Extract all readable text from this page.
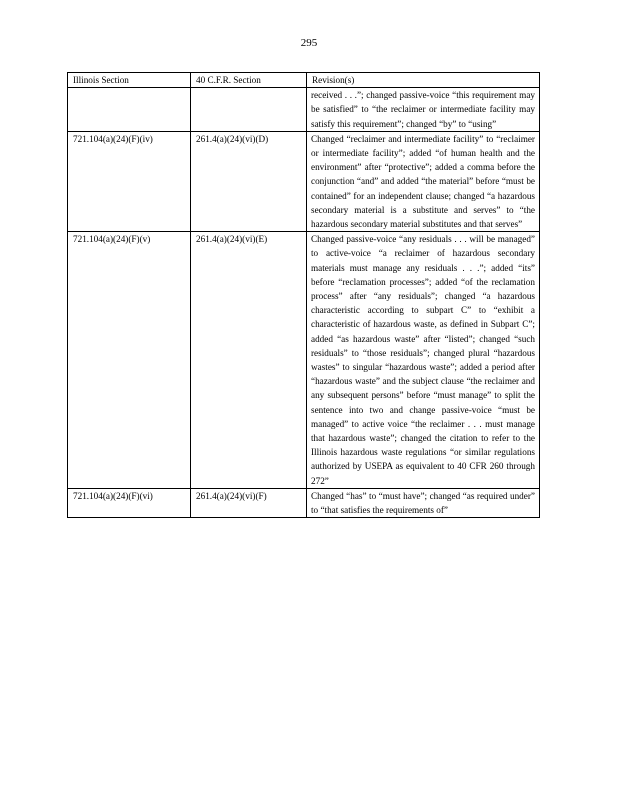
295
Illinois Section	40 C.F.R. Section	Revision(s)
		received . . .”; changed passive-voice “this requirement may be satisfied” to “the reclaimer or intermediate facility may satisfy this requirement”; changed “by” to “using”
721.104(a)(24)(F)(iv)	261.4(a)(24)(vi)(D)	Changed “reclaimer and intermediate facility” to “reclaimer or intermediate facility”; added “of human health and the environment” after “protective”; added a comma before the conjunction “and” and added “the material” before “must be contained” for an independent clause; changed “a hazardous secondary material is a substitute and serves” to “the hazardous secondary material substitutes and that serves”
721.104(a)(24)(F)(v)	261.4(a)(24)(vi)(E)	Changed passive-voice “any residuals . . . will be managed” to active-voice “a reclaimer of hazardous secondary materials must manage any residuals . . .”; added “its” before “reclamation processes”; added “of the reclamation process” after “any residuals”; changed “a hazardous characteristic according to subpart C” to “exhibit a characteristic of hazardous waste, as defined in Subpart C”; added “as hazardous waste” after “listed”; changed “such residuals” to “those residuals”; changed plural “hazardous wastes” to singular “hazardous waste”; added a period after “hazardous waste” and the subject clause “the reclaimer and any subsequent persons” before “must manage” to split the sentence into two and change passive-voice “must be managed” to active voice “the reclaimer . . . must manage that hazardous waste”; changed the citation to refer to the Illinois hazardous waste regulations “or similar regulations authorized by USEPA as equivalent to 40 CFR 260 through 272”
721.104(a)(24)(F)(vi)	261.4(a)(24)(vi)(F)	Changed “has” to “must have”; changed “as required under” to “that satisfies the requirements of”
